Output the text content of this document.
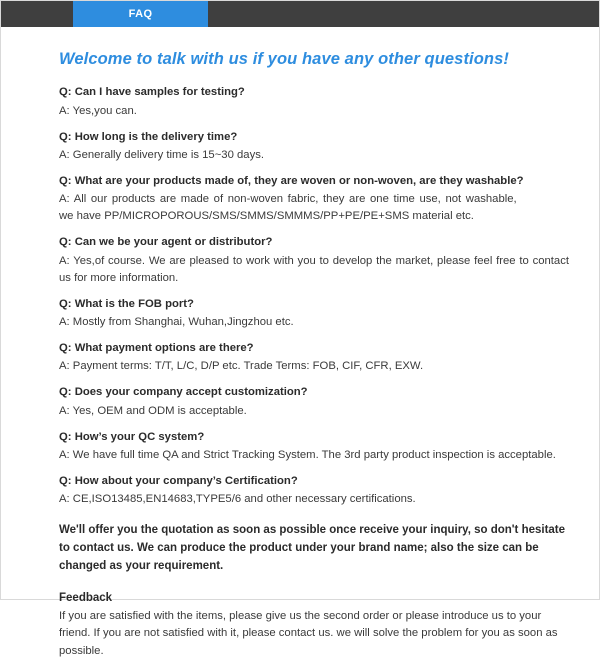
FAQ
Welcome to talk with us if you have any other questions!

Q: Can I have samples for testing?

A: Yes,you can.

Q: How long is the delivery time?

A: Generally delivery time is 15~30 days.

Q: What are your products made of, they are woven or non-woven, are they washable?

A: All our products are made of non-woven fabric, they are one time use, not washable,

we have PP/MICROPOROUS/SMS/SMMS/SMMMS/PP+PE/PE+SMS material etc.

Q: Can we be your agent or distributor?

A: Yes,of course. We are pleased to work with you to develop the market, please feel free to contact us for more information.

Q: What is the FOB port?

A: Mostly from Shanghai, Wuhan,Jingzhou etc.

Q: What payment options are there?

A: Payment terms: T/T, L/C, D/P etc. Trade Terms: FOB, CIF, CFR, EXW.

Q: Does your company accept customization?

A: Yes, OEM and ODM is acceptable.

Q: How’s your QC system?

A: We have full time QA and Strict Tracking System. The 3rd party product inspection is acceptable.

Q: How about your company’s Certification?

A: CE,ISO13485,EN14683,TYPE5/6 and other necessary certifications.

We'll offer you the quotation as soon as possible once receive your inquiry, so don't hesitate to contact us. We can produce the product under your brand name; also the size can be changed as your requirement.

Feedback

If you are satisfied with the items, please give us the second order or please introduce us to your friend. If you are not satisfied with it, please contact us. we will solve the problem for you as soon as possible.
